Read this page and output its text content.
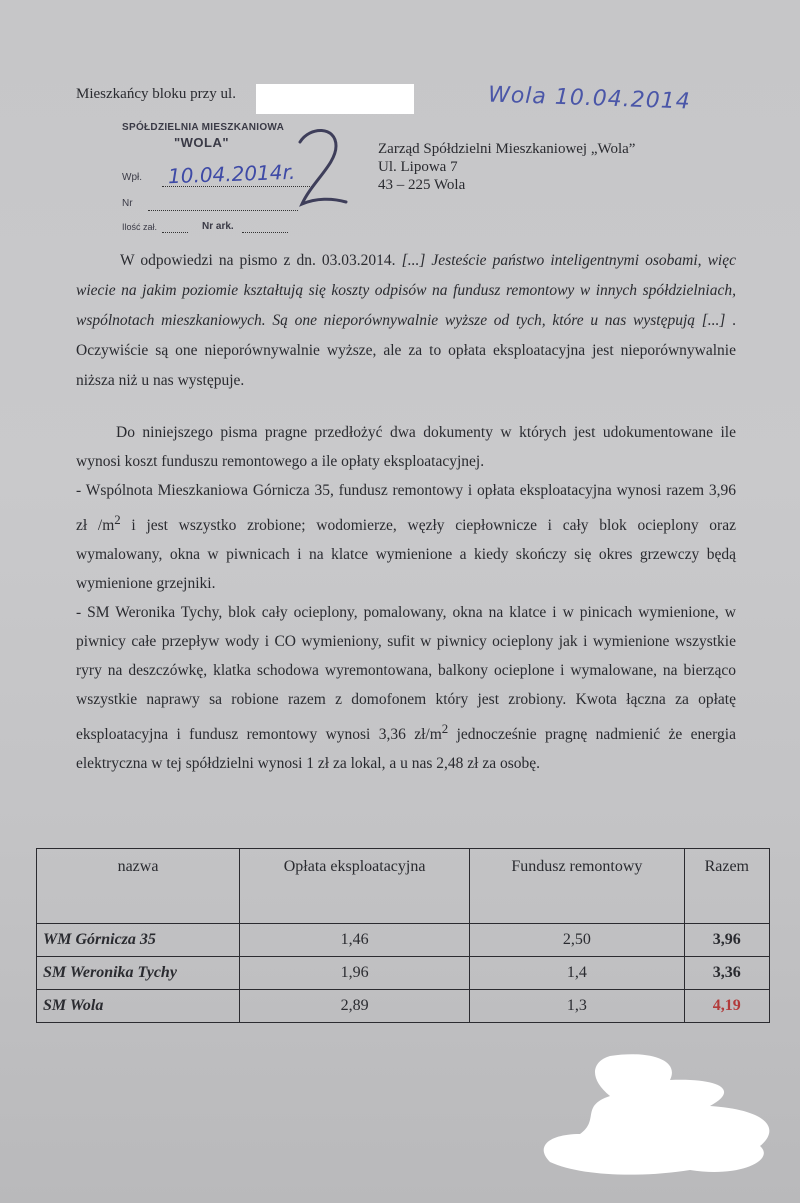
Mieszkańcy bloku przy ul.	Wola 10.04.2014
SPÓŁDZIELNIA MIESZKANIOWA
"WOLA"
Wpł. 10.04.2014r.
Nr
Ilość zał.	Nr ark.
Zarząd Spółdzielni Mieszkaniowej „Wola”
Ul. Lipowa 7
43 – 225 Wola
W odpowiedzi na pismo z dn. 03.03.2014. [...] Jesteście państwo inteligentnymi osobami, więc wiecie na jakim poziomie kształtują się koszty odpisów na fundusz remontowy w innych spółdzielniach, wspólnotach mieszkaniowych. Są one nieporównywalnie wyższe od tych, które u nas występują [...] . Oczywiście są one nieporównywalnie wyższe, ale za to opłata eksploatacyjna jest nieporównywalnie niższa niż u nas występuje.
Do niniejszego pisma pragne przedłożyć dwa dokumenty w których jest udokumentowane ile wynosi koszt funduszu remontowego a ile opłaty eksploatacyjnej.
- Wspólnota Mieszkaniowa Górnicza 35, fundusz remontowy i opłata eksploatacyjna wynosi razem 3,96 zł $/m^2$ i jest wszystko zrobione; wodomierze, węzły ciepłownicze i cały blok ocieplony oraz wymalowany, okna w piwnicach i na klatce wymienione a kiedy skończy się okres grzewczy będą wymienione grzejniki.
- SM Weronika Tychy, blok cały ocieplony, pomalowany, okna na klatce i w pinicach wymienione, w piwnicy całe przepływ wody i CO wymieniony, sufit w piwnicy ocieplony jak i wymienione wszystkie ryry na deszczówkę, klatka schodowa wyremontowana, balkony ocieplone i wymalowane, na bierząco wszystkie naprawy sa robione razem z domofonem który jest zrobiony. Kwota łączna za opłatę eksploatacyjna i fundusz remontowy wynosi 3,36 $zł/m^2$ jednocześnie pragnę nadmienić że energia elektryczna w tej spółdzielni wynosi 1 zł za lokal, a u nas 2,48 zł za osobę.
nazwa	Opłata eksploatacyjna	Fundusz remontowy	Razem
WM Górnicza 35	1,46	2,50	3,96
SM Weronika Tychy	1,96	1,4	3,36
SM Wola	2,89	1,3	4,19
